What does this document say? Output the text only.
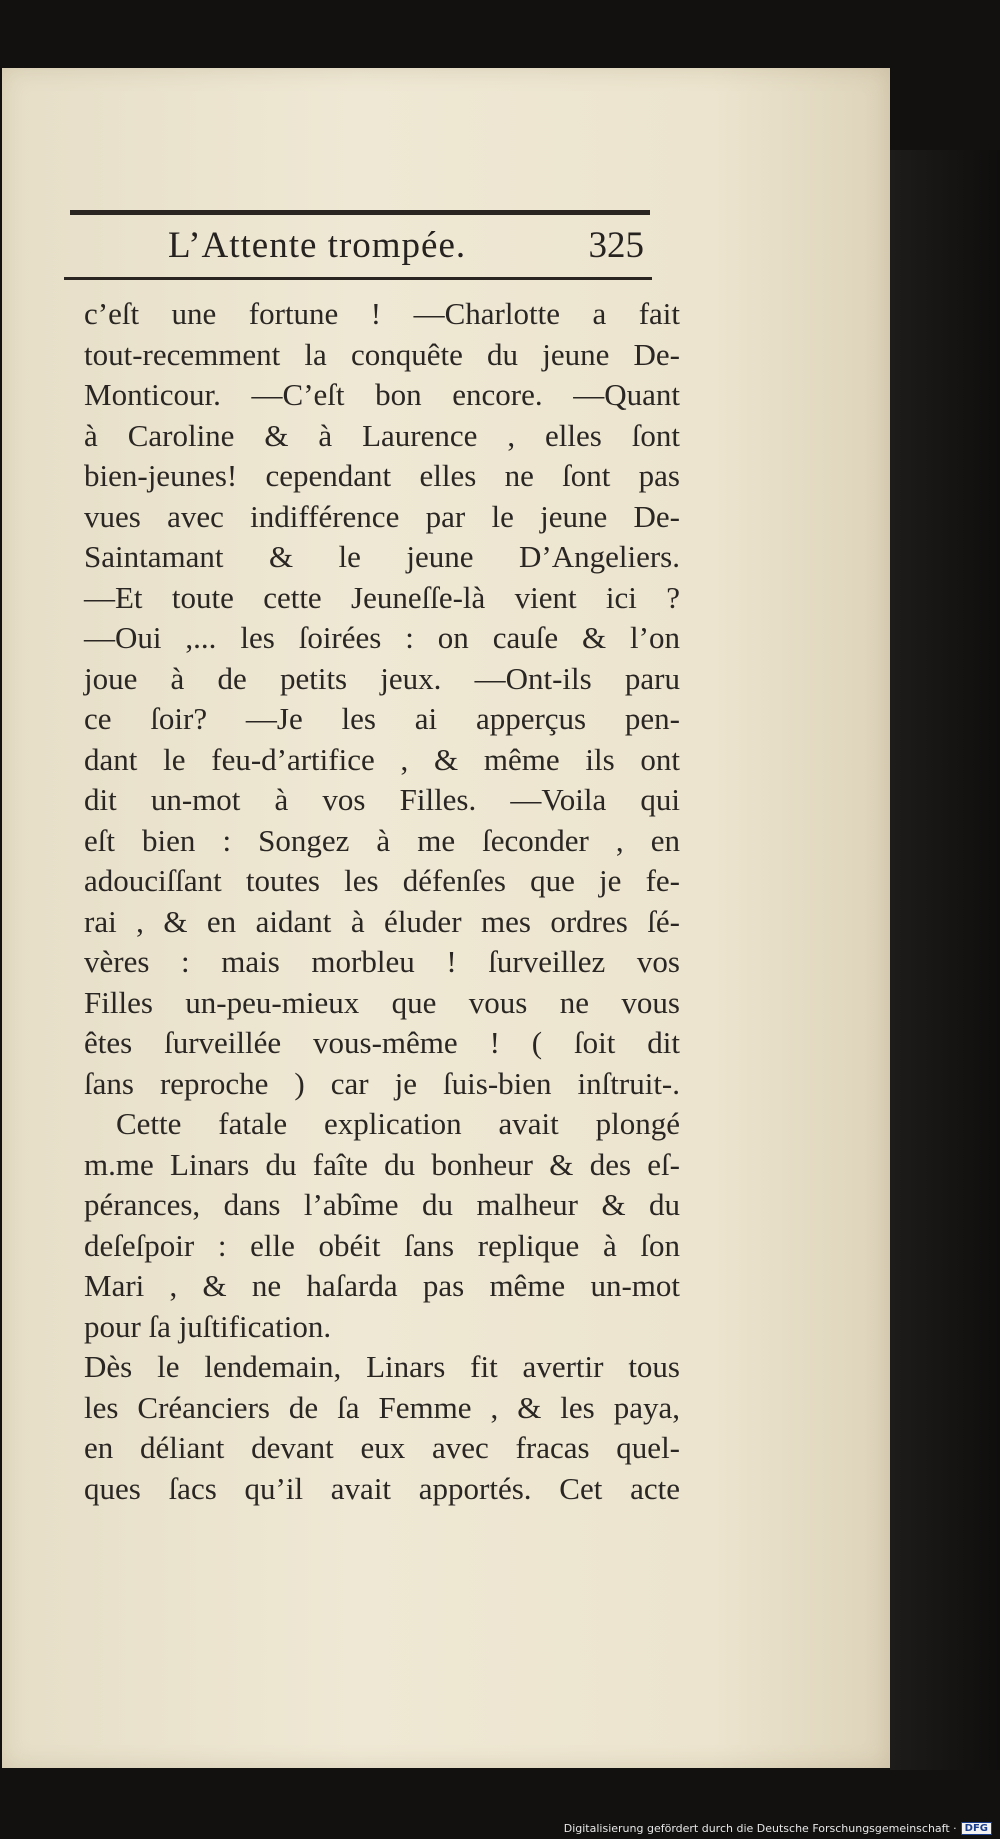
L’Attente trompée.	325
c’eſt une fortune ! —Charlotte a fait
tout-recemment la conquête du jeune De-
Monticour. —C’eſt bon encore. —Quant
à Caroline & à Laurence , elles ſont
bien-jeunes! cependant elles ne ſont pas
vues avec indifférence par le jeune De-
Saintamant & le jeune D’Angeliers.
—Et toute cette Jeuneſſe-là vient ici ?
—Oui ,... les ſoirées : on cauſe & l’on
joue à de petits jeux. —Ont-ils paru
ce ſoir? —Je les ai apperçus pen-
dant le feu-d’artifice , & même ils ont
dit un-mot à vos Filles. —Voila qui
eſt bien : Songez à me ſeconder , en
adouciſſant toutes les défenſes que je fe-
rai , & en aidant à éluder mes ordres ſé-
vères : mais morbleu ! ſurveillez vos
Filles un-peu-mieux que vous ne vous
êtes ſurveillée vous-même ! ( ſoit dit
ſans reproche ) car je ſuis-bien inſtruit-.
Cette fatale explication avait plongé
m.me Linars du faîte du bonheur & des eſ-
pérances, dans l’abîme du malheur & du
deſeſpoir : elle obéit ſans replique à ſon
Mari , & ne haſarda pas même un-mot
pour ſa juſtification.
Dès le lendemain, Linars fit avertir tous
les Créanciers de ſa Femme , & les paya,
en déliant devant eux avec fracas quel-
ques ſacs qu’il avait apportés. Cet acte
Digitalisierung gefördert durch die Deutsche Forschungsgemeinschaft · DFG
